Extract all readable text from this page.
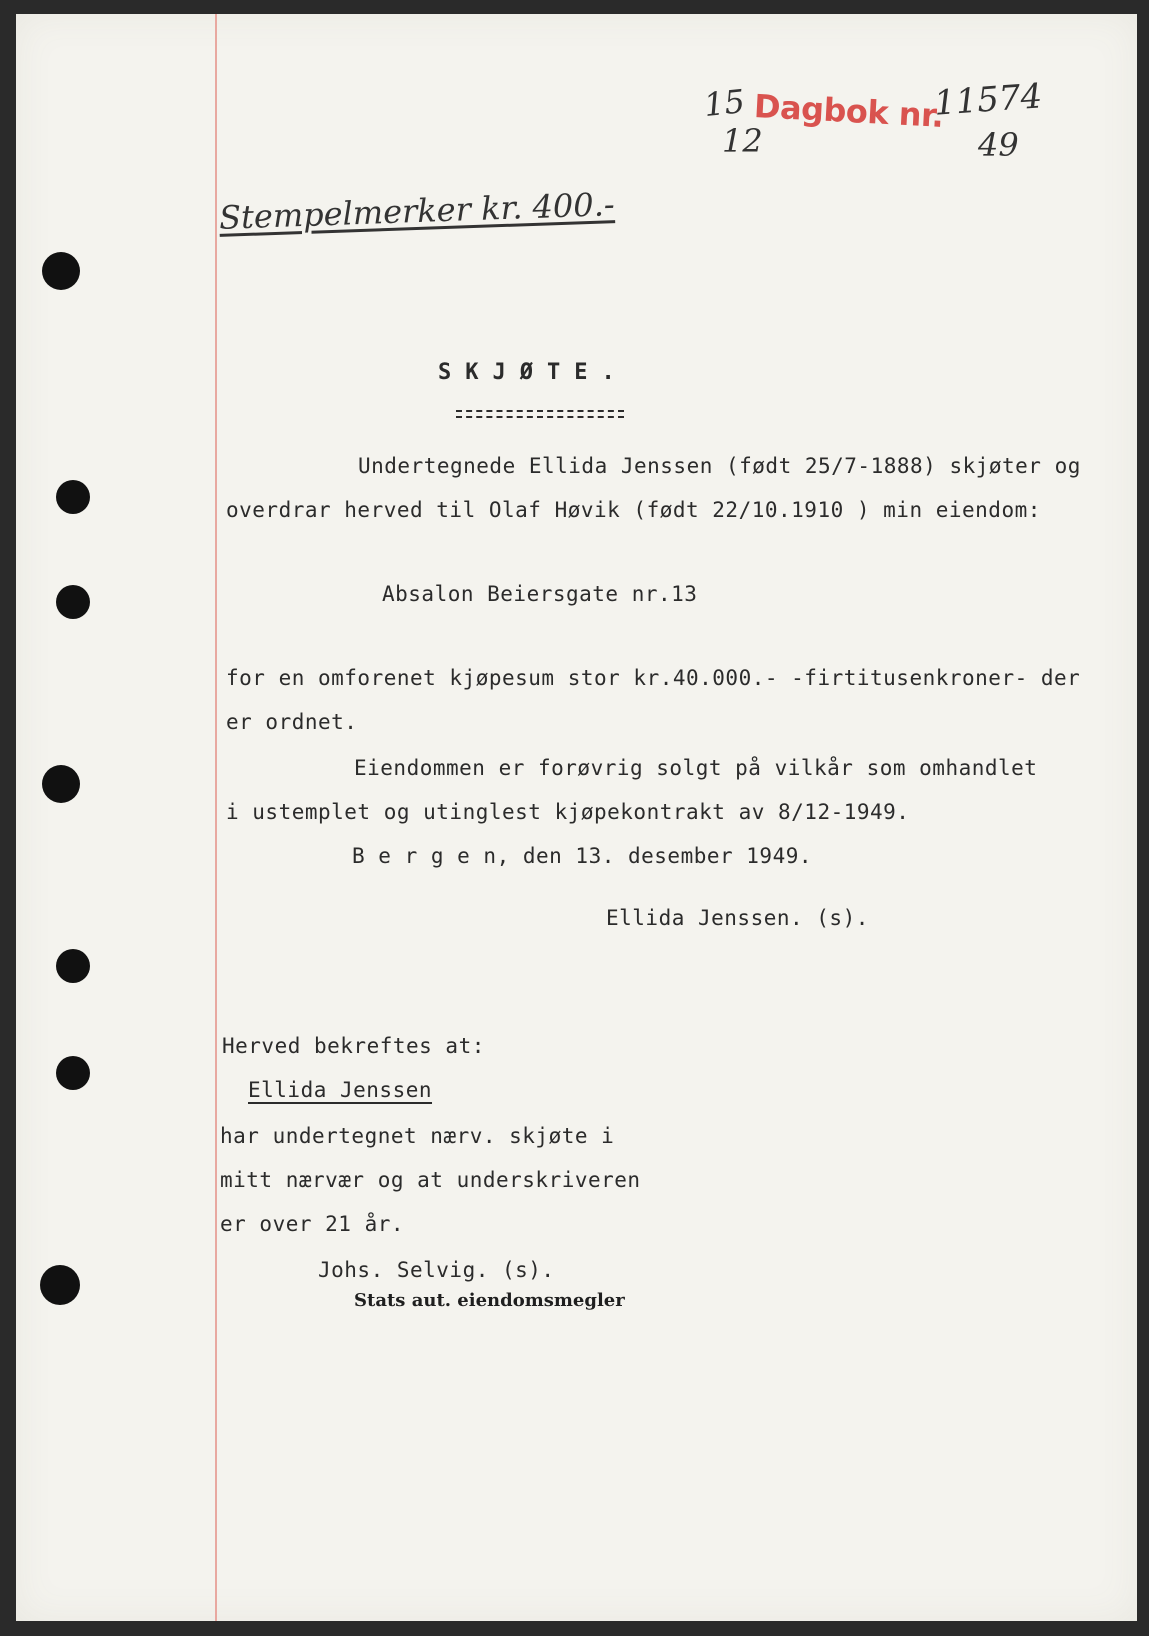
15
12
Dagbok nr.
11574
49
Stempelmerker kr. 400.-
SKJØTE.
Undertegnede Ellida Jenssen (født 25/7-1888) skjøter og
overdrar herved til Olaf Høvik (født 22/10.1910 ) min eiendom:
Absalon Beiersgate nr.13
for en omforenet kjøpesum stor kr.40.000.- -firtitusenkroner- der
er ordnet.
Eiendommen er forøvrig solgt på vilkår som omhandlet
i ustemplet og utinglest kjøpekontrakt av 8/12-1949.
B e r g e n, den 13. desember 1949.
Ellida Jenssen. (s).
Herved bekreftes at:
Ellida Jenssen
har undertegnet nærv. skjøte i
mitt nærvær og at underskriveren
er over 21 år.
Johs. Selvig. (s).
Stats aut. eiendomsmegler
